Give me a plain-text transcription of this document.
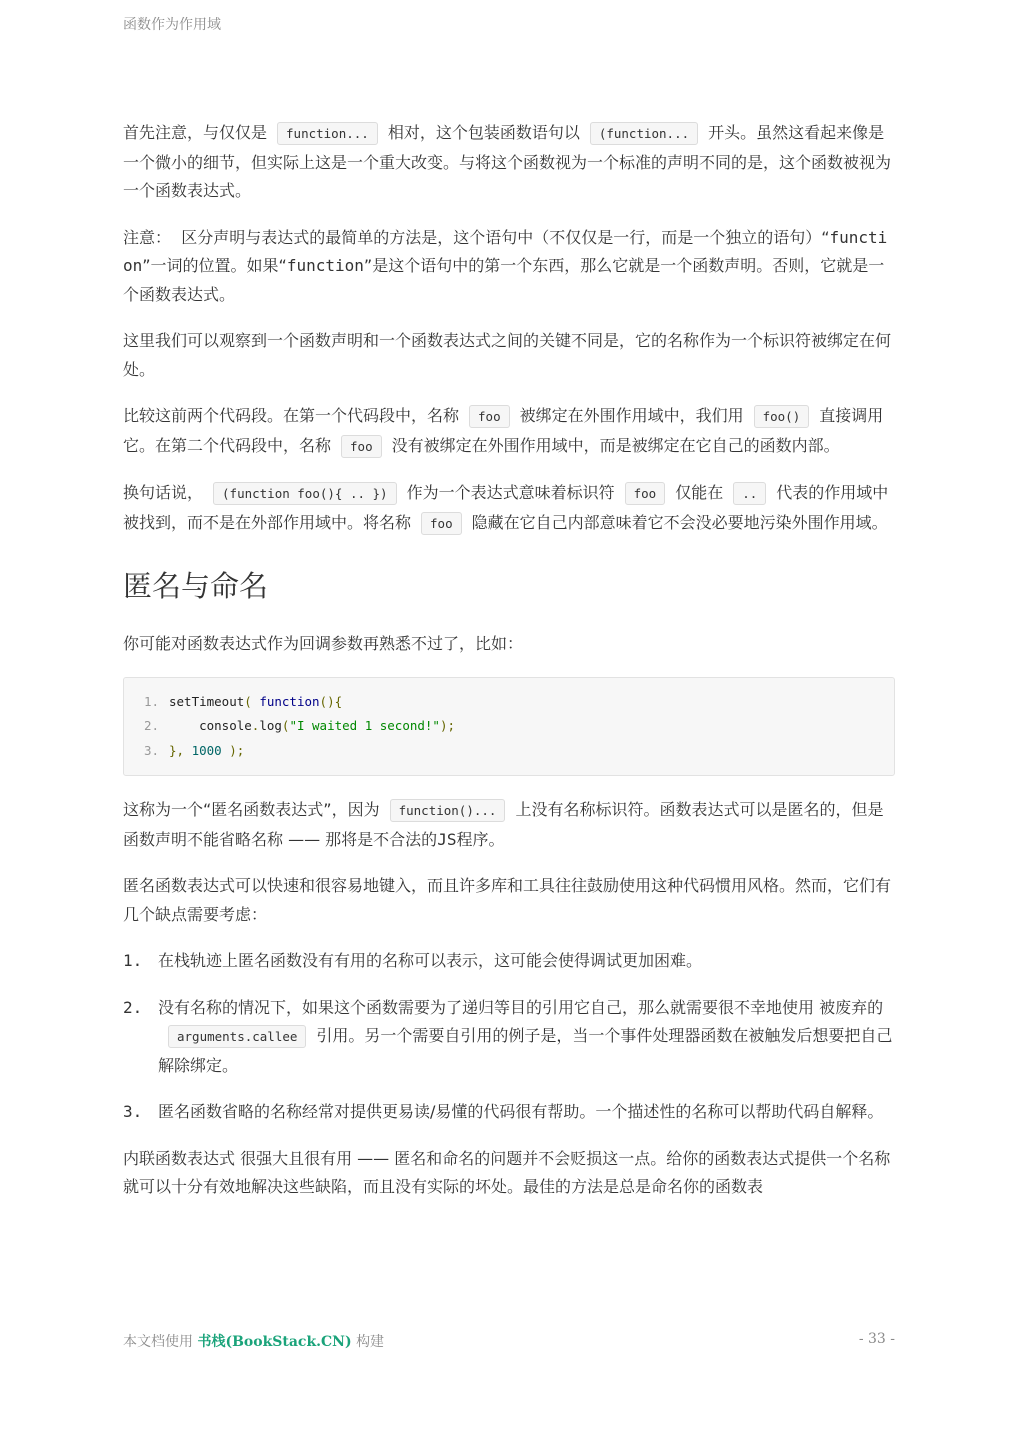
函数作为作用域

首先注意，与仅仅是 function... 相对，这个包装函数语句以 (function... 开头。虽然这看起来像是一个微小的细节，但实际上这是一个重大改变。与将这个函数视为一个标准的声明不同的是，这个函数被视为一个函数表达式。

注意： 区分声明与表达式的最简单的方法是，这个语句中（不仅仅是一行，而是一个独立的语句）“function”一词的位置。如果“function”是这个语句中的第一个东西，那么它就是一个函数声明。否则，它就是一个函数表达式。

这里我们可以观察到一个函数声明和一个函数表达式之间的关键不同是，它的名称作为一个标识符被绑定在何处。

比较这前两个代码段。在第一个代码段中，名称 foo 被绑定在外围作用域中，我们用 foo() 直接调用它。在第二个代码段中，名称 foo 没有被绑定在外围作用域中，而是被绑定在它自己的函数内部。

换句话说， (function foo(){ .. }) 作为一个表达式意味着标识符 foo 仅能在 .. 代表的作用域中被找到，而不是在外部作用域中。将名称 foo 隐藏在它自己内部意味着它不会没必要地污染外围作用域。

匿名与命名

你可能对函数表达式作为回调参数再熟悉不过了，比如：

1. setTimeout( function(){
2.	console.log("I waited 1 second!");
3. }, 1000 );

这称为一个“匿名函数表达式”，因为 function()... 上没有名称标识符。函数表达式可以是匿名的，但是函数声明不能省略名称 —— 那将是不合法的JS程序。

匿名函数表达式可以快速和很容易地键入，而且许多库和工具往往鼓励使用这种代码惯用风格。然而，它们有几个缺点需要考虑：

1. 在栈轨迹上匿名函数没有有用的名称可以表示，这可能会使得调试更加困难。
2. 没有名称的情况下，如果这个函数需要为了递归等目的引用它自己，那么就需要很不幸地使用 被废弃的arguments.callee 引用。另一个需要自引用的例子是，当一个事件处理器函数在被触发后想要把自己解除绑定。
3. 匿名函数省略的名称经常对提供更易读/易懂的代码很有帮助。一个描述性的名称可以帮助代码自解释。

内联函数表达式 很强大且很有用 —— 匿名和命名的问题并不会贬损这一点。给你的函数表达式提供一个名称就可以十分有效地解决这些缺陷，而且没有实际的坏处。最佳的方法是总是命名你的函数表

本文档使用 书栈(BookStack.CN) 构建	- 33 -
